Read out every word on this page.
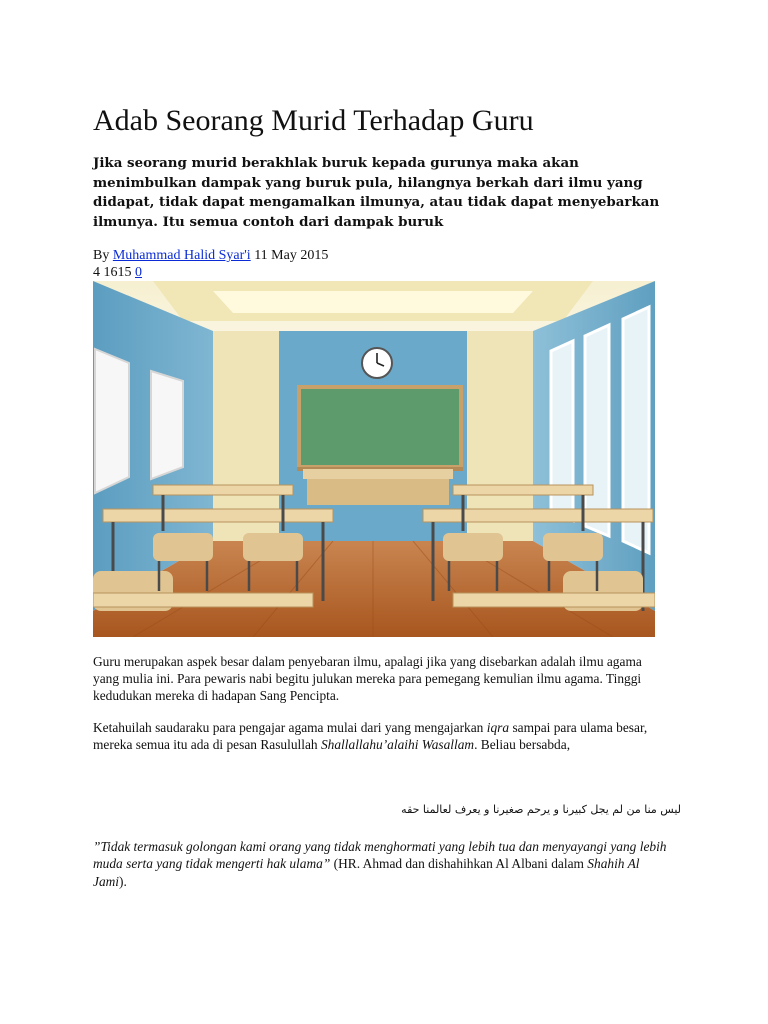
Adab Seorang Murid Terhadap Guru

Jika seorang murid berakhlak buruk kepada gurunya maka akan menimbulkan dampak yang buruk pula, hilangnya berkah dari ilmu yang didapat, tidak dapat mengamalkan ilmunya, atau tidak dapat menyebarkan ilmunya. Itu semua contoh dari dampak buruk

By Muhammad Halid Syar'i 11 May 2015
4 1615 0

Guru merupakan aspek besar dalam penyebaran ilmu, apalagi jika yang disebarkan adalah ilmu agama yang mulia ini. Para pewaris nabi begitu julukan mereka para pemegang kemulian ilmu agama. Tinggi kedudukan mereka di hadapan Sang Pencipta.

Ketahuilah saudaraku para pengajar agama mulai dari yang mengajarkan iqra sampai para ulama besar, mereka semua itu ada di pesan Rasulullah Shallallahu’alaihi Wasallam. Beliau bersabda,

ليس منا من لم يجل كبيرنا و يرحم صغيرنا و يعرف لعالمنا حقه

”Tidak termasuk golongan kami orang yang tidak menghormati yang lebih tua dan menyayangi yang lebih muda serta yang tidak mengerti hak ulama” (HR. Ahmad dan dishahihkan Al Albani dalam Shahih Al Jami).
